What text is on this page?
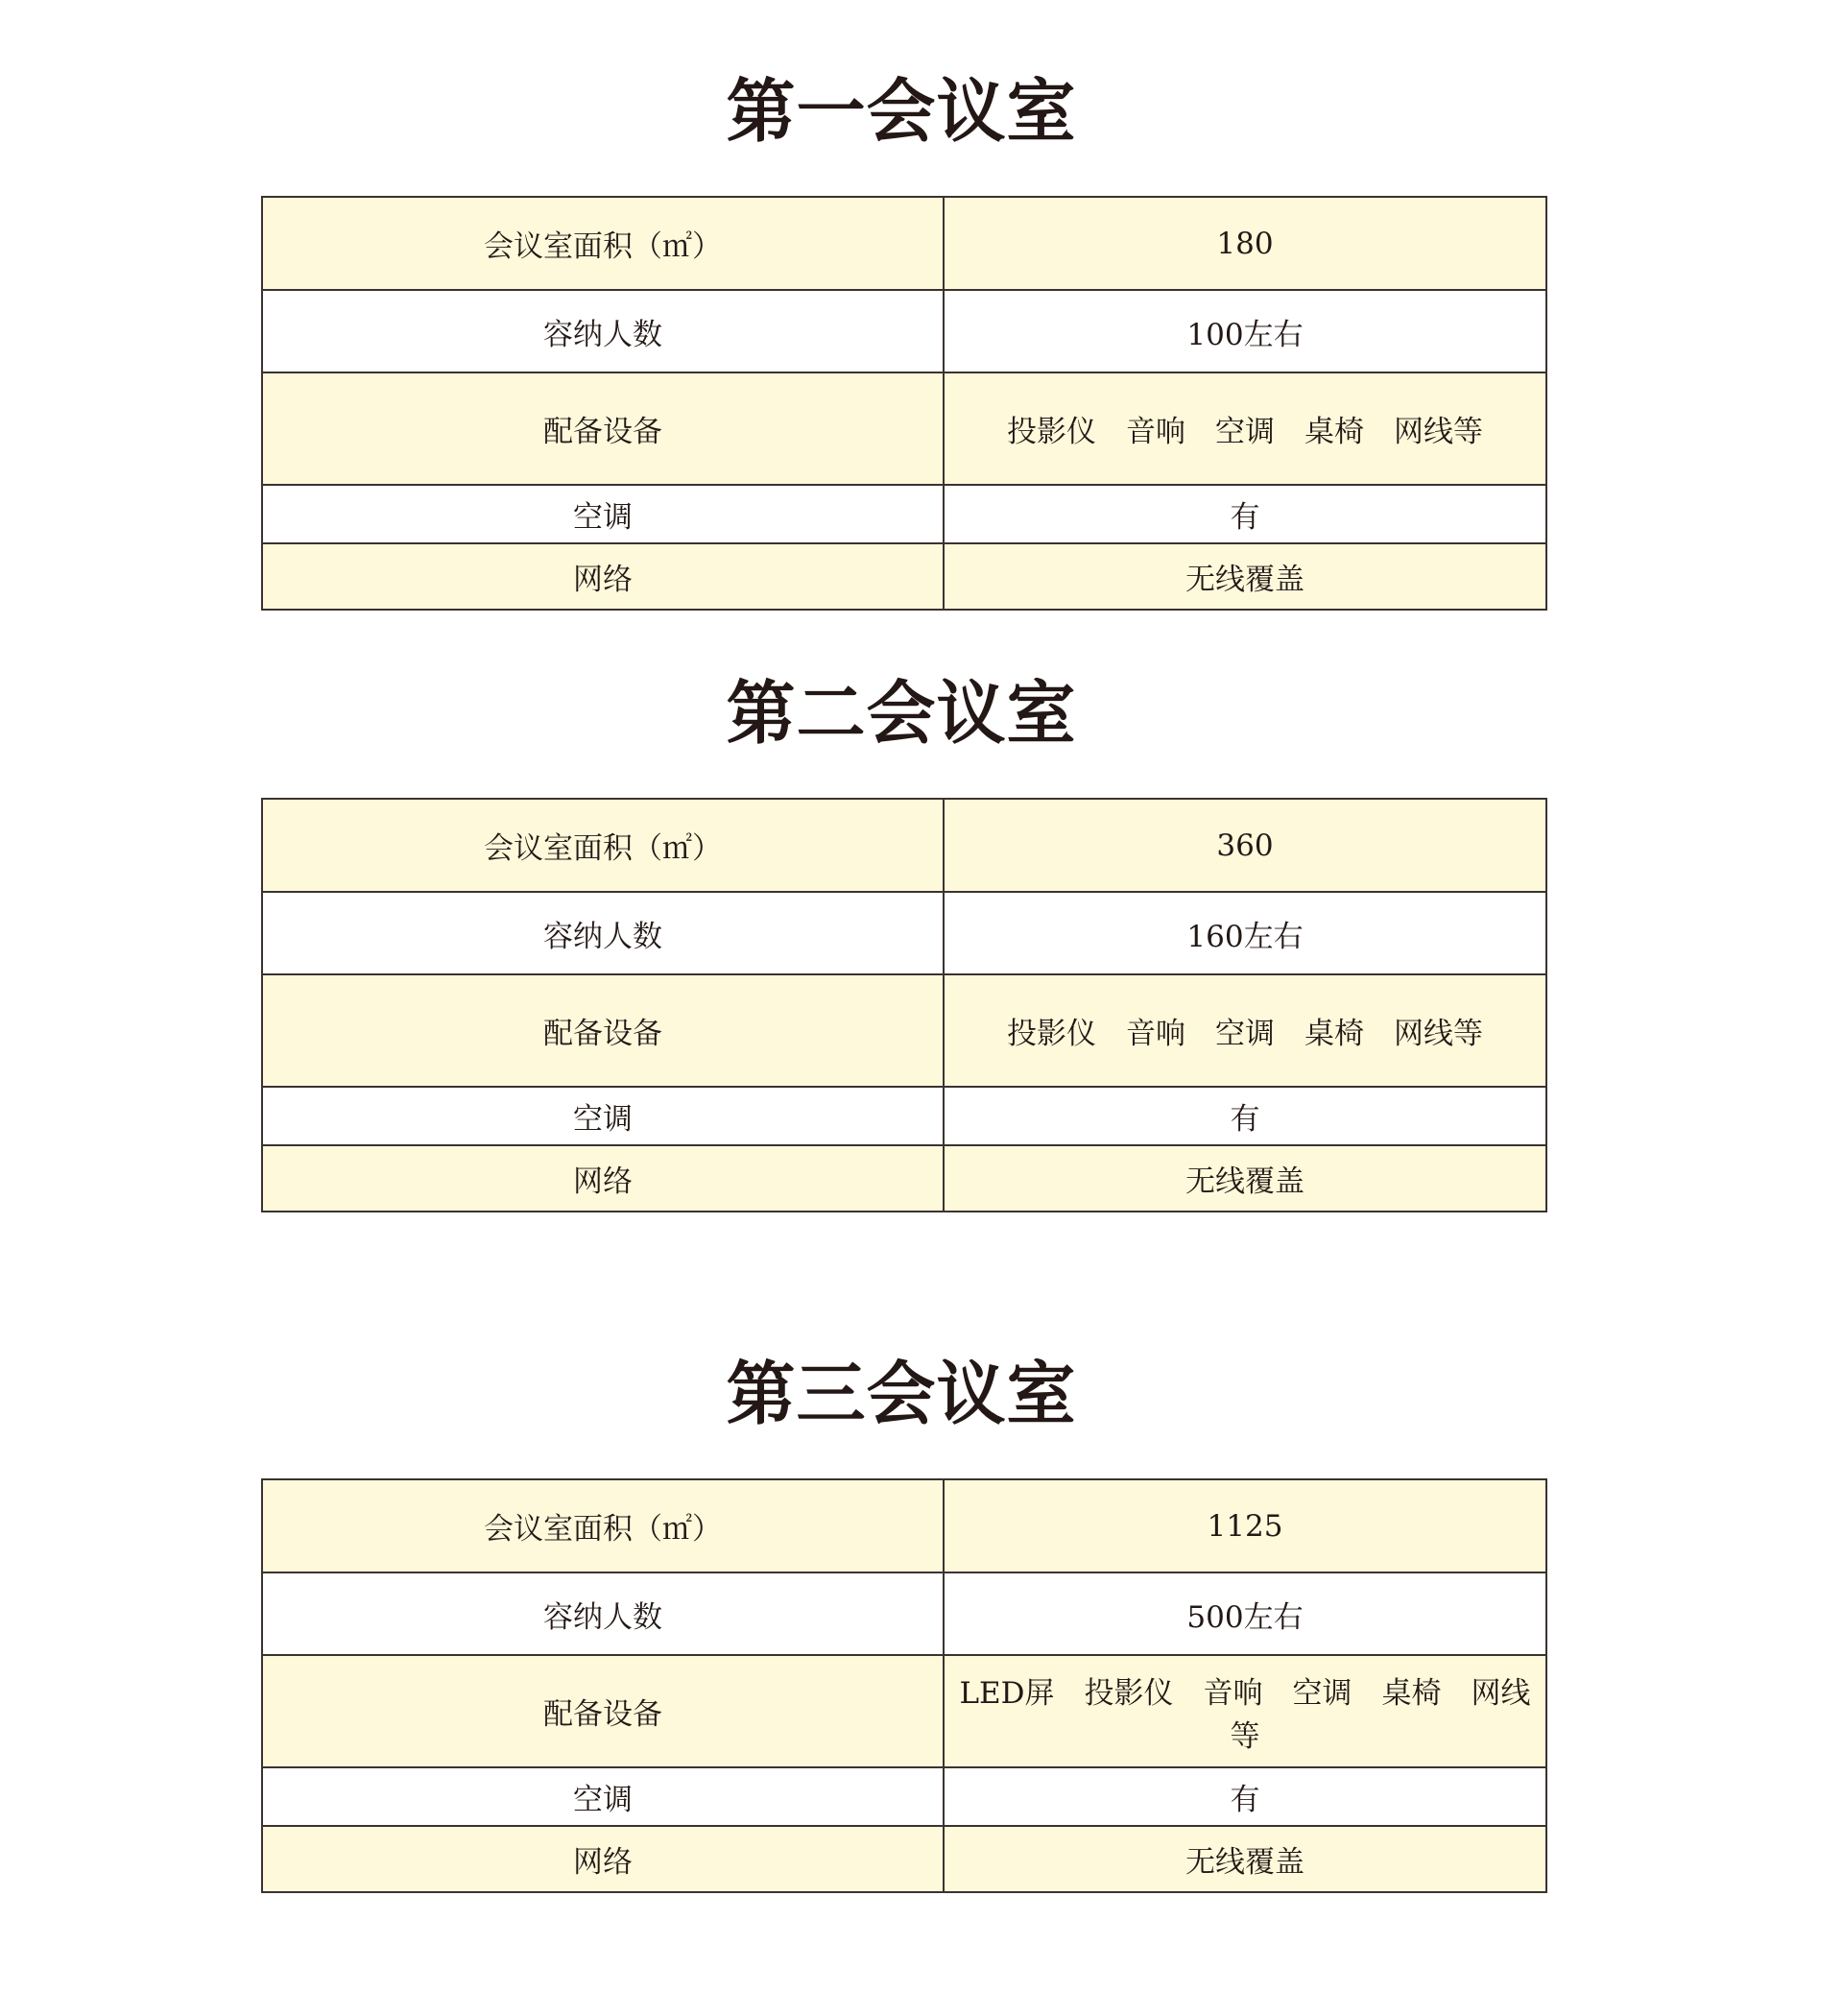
第一会议室
会议室面积（㎡）	180
容纳人数	100左右
配备设备	投影仪　音响　空调　桌椅　网线等
空调	有
网络	无线覆盖
第二会议室
会议室面积（㎡）	360
容纳人数	160左右
配备设备	投影仪　音响　空调　桌椅　网线等
空调	有
网络	无线覆盖
第三会议室
会议室面积（㎡）	1125
容纳人数	500左右
配备设备	LED屏　投影仪　音响　空调　桌椅　网线等
空调	有
网络	无线覆盖
